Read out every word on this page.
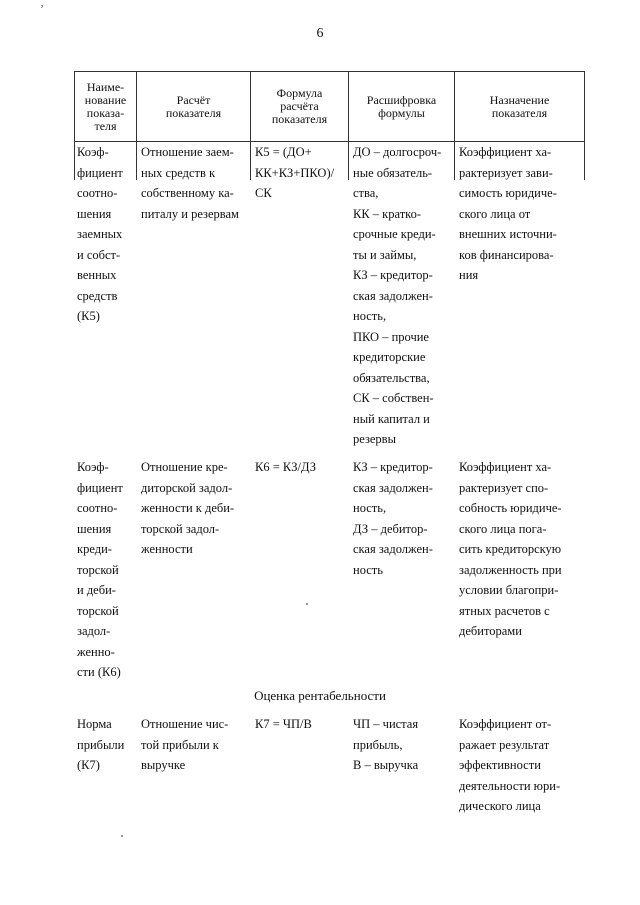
ʼ
6
Наиме-
нование
показа-
теля
Расчёт
показателя
Формула
расчёта
показателя
Расшифровка
формулы
Назначение
показателя
Коэф-
фициент
соотно-
шения
заемных
и собст-
венных
средств
(К5)
Отношение заем-
ных средств к
собственному ка-
питалу и резервам
К5 = (ДО+
КК+КЗ+ПКО)/
СК
ДО – долгосроч-
ные обязатель-
ства,
КК – кратко-
срочные креди-
ты и займы,
КЗ – кредитор-
ская задолжен-
ность,
ПКО – прочие
кредиторские
обязательства,
СК – собствен-
ный капитал и
резервы
Коэффициент ха-
рактеризует зави-
симость юридиче-
ского лица от
внешних источни-
ков финансирова-
ния
Коэф-
фициент
соотно-
шения
креди-
торской
и деби-
торской
задол-
женно-
сти (К6)
Отношение кре-
диторской задол-
женности к деби-
торской задол-
женности
К6 = КЗ/ДЗ	КЗ – кредитор-
ская задолжен-
ность,
ДЗ – дебитор-
ская задолжен-
ность
Коэффициент ха-
рактеризует спо-
собность юридиче-
ского лица пога-
сить кредиторскую
задолженность при
условии благопри-
ятных расчетов с
дебиторами
Оценка рентабельности
Норма
прибыли
(К7)
Отношение чис-
той прибыли к
выручке
К7 = ЧП/В	ЧП – чистая
прибыль,
В – выручка
Коэффициент от-
ражает результат
эффективности
деятельности юри-
дического лица
